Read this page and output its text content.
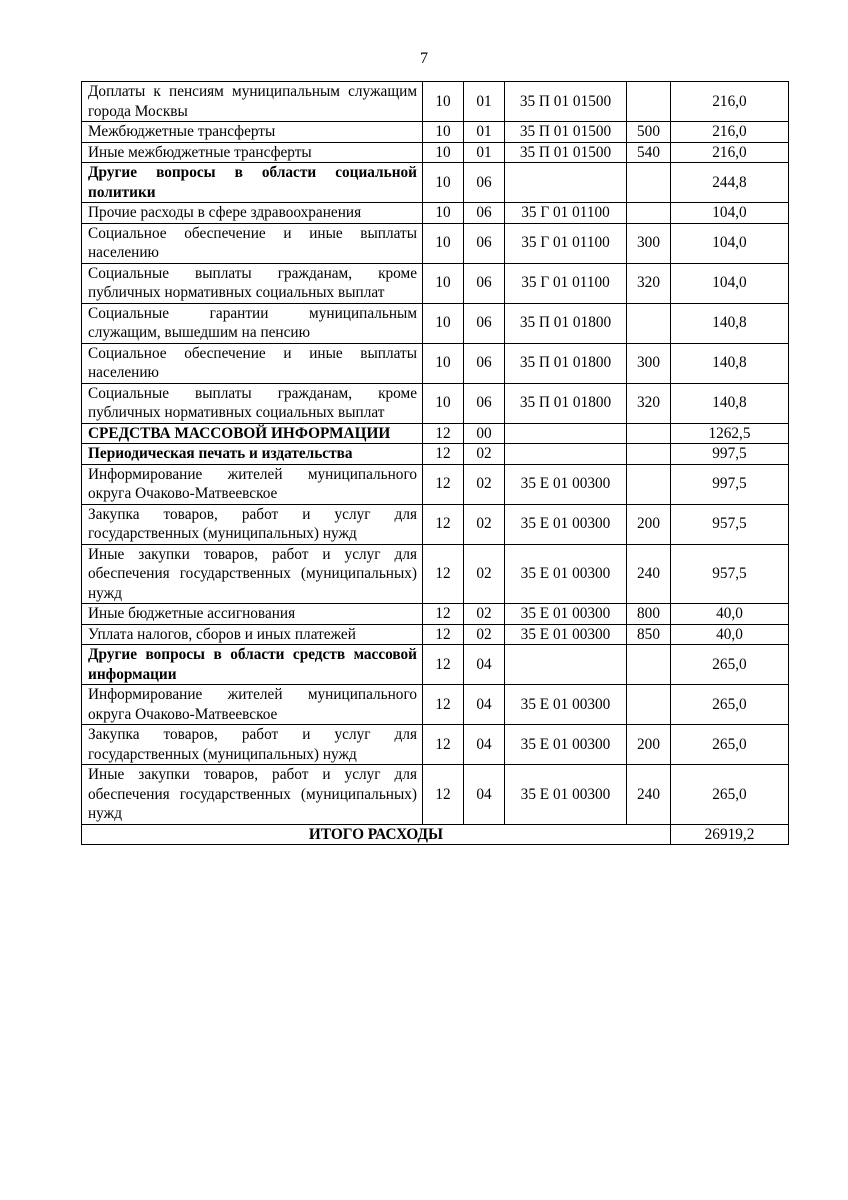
7
Доплаты к пенсиям муниципальным служащим города Москвы	10	01	35 П 01 01500		216,0
Межбюджетные трансферты	10	01	35 П 01 01500	500	216,0
Иные межбюджетные трансферты	10	01	35 П 01 01500	540	216,0
Другие вопросы в области социальной политики	10	06			244,8
Прочие расходы в сфере здравоохранения	10	06	35 Г 01 01100		104,0
Социальное обеспечение и иные выплаты населению	10	06	35 Г 01 01100	300	104,0
Социальные выплаты гражданам, кроме публичных нормативных социальных выплат	10	06	35 Г 01 01100	320	104,0
Социальные гарантии муниципальным служащим, вышедшим на пенсию	10	06	35 П 01 01800		140,8
Социальное обеспечение и иные выплаты населению	10	06	35 П 01 01800	300	140,8
Социальные выплаты гражданам, кроме публичных нормативных социальных выплат	10	06	35 П 01 01800	320	140,8
СРЕДСТВА МАССОВОЙ ИНФОРМАЦИИ	12	00			1262,5
Периодическая печать и издательства	12	02			997,5
Информирование жителей муниципального округа Очаково-Матвеевское	12	02	35 Е 01 00300		997,5
Закупка товаров, работ и услуг для государственных (муниципальных) нужд	12	02	35 Е 01 00300	200	957,5
Иные закупки товаров, работ и услуг для обеспечения государственных (муниципальных) нужд	12	02	35 Е 01 00300	240	957,5
Иные бюджетные ассигнования	12	02	35 Е 01 00300	800	40,0
Уплата налогов, сборов и иных платежей	12	02	35 Е 01 00300	850	40,0
Другие вопросы в области средств массовой информации	12	04			265,0
Информирование жителей муниципального округа Очаково-Матвеевское	12	04	35 Е 01 00300		265,0
Закупка товаров, работ и услуг для государственных (муниципальных) нужд	12	04	35 Е 01 00300	200	265,0
Иные закупки товаров, работ и услуг для обеспечения государственных (муниципальных) нужд	12	04	35 Е 01 00300	240	265,0
ИТОГО РАСХОДЫ					26919,2
